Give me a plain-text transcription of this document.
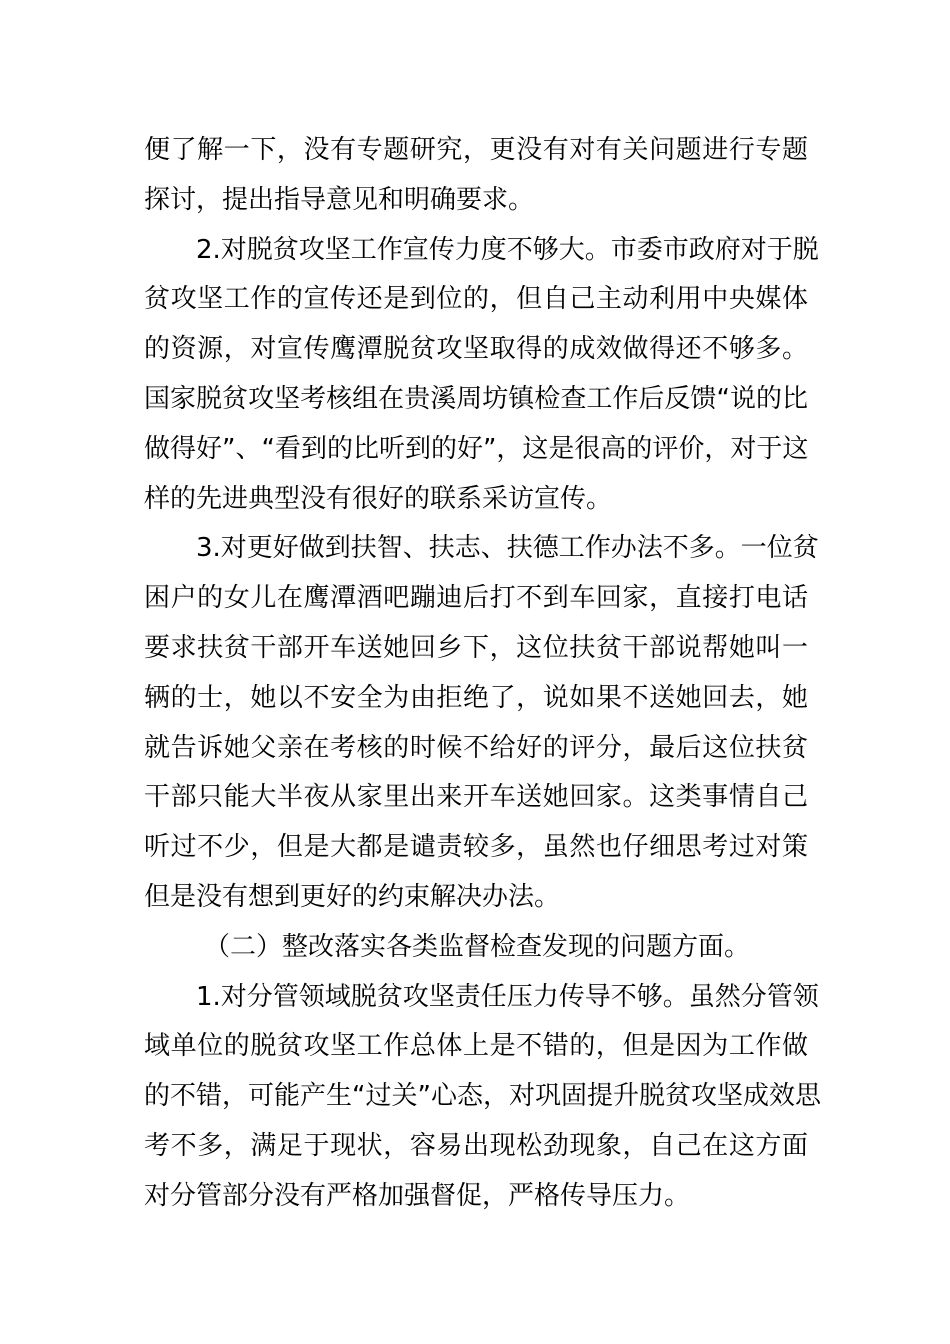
便了解一下，没有专题研究，更没有对有关问题进行专题
探讨，提出指导意见和明确要求。
2.对脱贫攻坚工作宣传力度不够大。市委市政府对于脱
贫攻坚工作的宣传还是到位的，但自己主动利用中央媒体
的资源，对宣传鹰潭脱贫攻坚取得的成效做得还不够多。
国家脱贫攻坚考核组在贵溪周坊镇检查工作后反馈“说的比
做得好”、“看到的比听到的好”，这是很高的评价，对于这
样的先进典型没有很好的联系采访宣传。
3.对更好做到扶智、扶志、扶德工作办法不多。一位贫
困户的女儿在鹰潭酒吧蹦迪后打不到车回家，直接打电话
要求扶贫干部开车送她回乡下，这位扶贫干部说帮她叫一
辆的士，她以不安全为由拒绝了，说如果不送她回去，她
就告诉她父亲在考核的时候不给好的评分，最后这位扶贫
干部只能大半夜从家里出来开车送她回家。这类事情自己
听过不少，但是大都是谴责较多，虽然也仔细思考过对策
但是没有想到更好的约束解决办法。
（二）整改落实各类监督检查发现的问题方面。
1.对分管领域脱贫攻坚责任压力传导不够。虽然分管领
域单位的脱贫攻坚工作总体上是不错的，但是因为工作做
的不错，可能产生“过关”心态，对巩固提升脱贫攻坚成效思
考不多，满足于现状，容易出现松劲现象，自己在这方面
对分管部分没有严格加强督促，严格传导压力。
